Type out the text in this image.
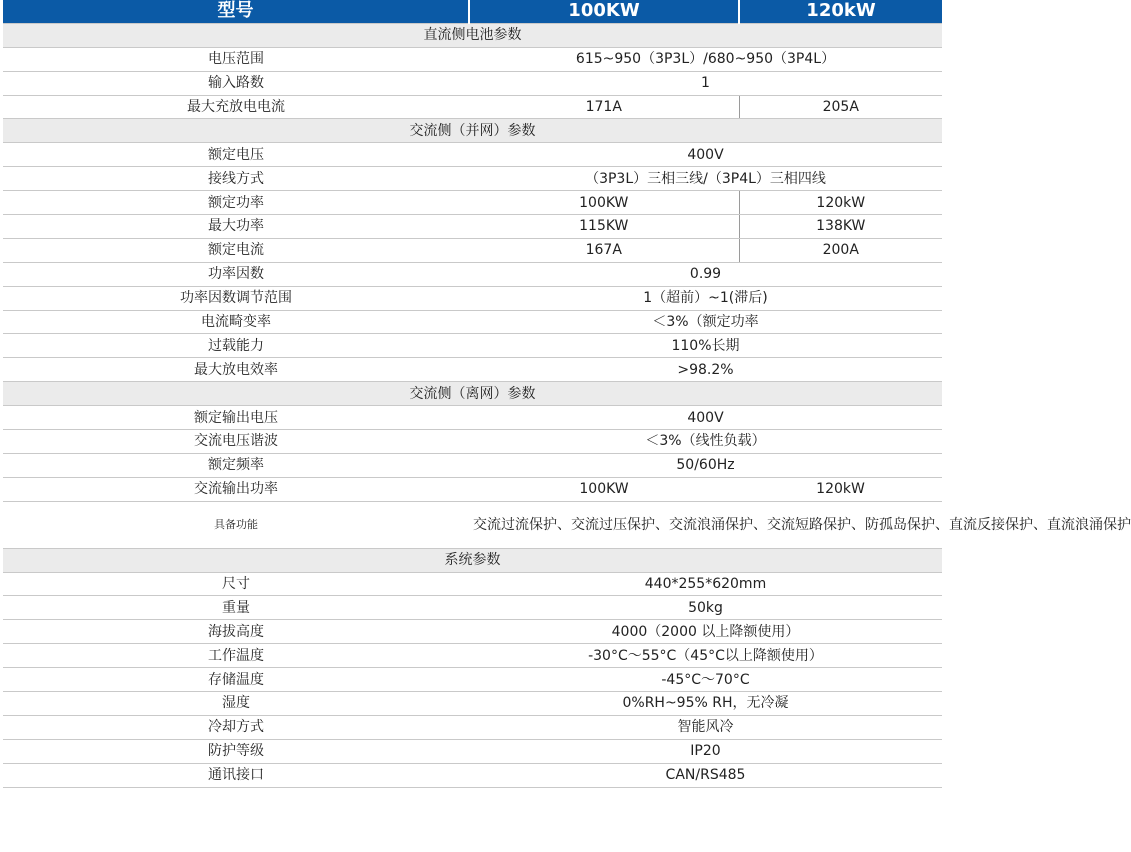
型号	100KW	120kW
直流侧电池参数		
电压范围	615~950（3P3L）/680~950（3P4L）	
输入路数	1	
最大充放电电流	171A	205A
交流侧（并网）参数		
额定电压	400V	
接线方式	（3P3L）三相三线/（3P4L）三相四线	
额定功率	100KW	120kW
最大功率	115KW	138KW
额定电流	167A	200A
功率因数	0.99	
功率因数调节范围	1（超前）~1(滞后)	
电流畸变率	＜3%（额定功率	
过载能力	110%长期	
最大放电效率	>98.2%	
交流侧（离网）参数		
额定输出电压	400V	
交流电压谐波	＜3%（线性负载）	
额定频率	50/60Hz	
交流输出功率	100KW	120kW
具备功能	交流过流保护、交流过压保护、交流浪涌保护、交流短路保护、防孤岛保护、直流反接保护、直流浪涌保护	
系统参数		
尺寸	440*255*620mm	
重量	50kg	
海拔高度	4000（2000 以上降额使用）	
工作温度	-30°C～55°C（45°C以上降额使用）	
存储温度	-45°C～70°C	
湿度	0%RH~95% RH，无冷凝	
冷却方式	智能风冷	
防护等级	IP20	
通讯接口	CAN/RS485	
